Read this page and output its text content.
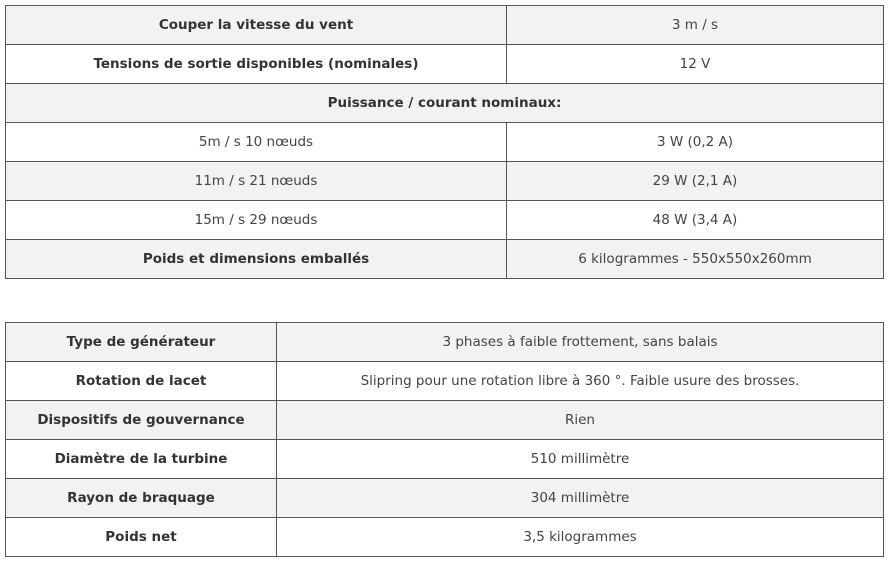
Couper la vitesse du vent	3 m / s
Tensions de sortie disponibles (nominales)	12 V
Puissance / courant nominaux:	
5m / s 10 nœuds	3 W (0,2 A)
11m / s 21 nœuds	29 W (2,1 A)
15m / s 29 nœuds	48 W (3,4 A)
Poids et dimensions emballés	6 kilogrammes - 550x550x260mm
Type de générateur	3 phases à faible frottement, sans balais
Rotation de lacet	Slipring pour une rotation libre à 360 °. Faible usure des brosses.
Dispositifs de gouvernance	Rien
Diamètre de la turbine	510 millimètre
Rayon de braquage	304 millimètre
Poids net	3,5 kilogrammes
